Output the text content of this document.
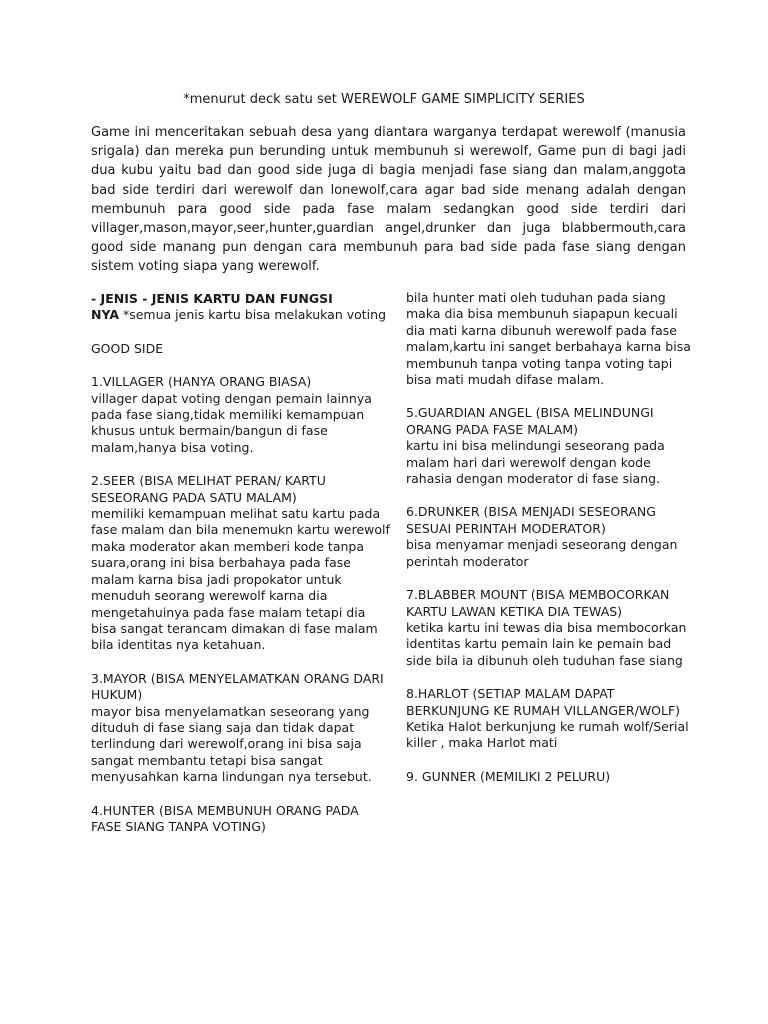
*menurut deck satu set WEREWOLF GAME SIMPLICITY SERIES
Game ini menceritakan sebuah desa yang diantara warganya terdapat werewolf (manusia srigala) dan mereka pun berunding untuk membunuh si werewolf, Game pun di bagi jadi dua kubu yaitu bad dan good side juga di bagia menjadi fase siang dan malam,anggota bad side terdiri dari werewolf dan lonewolf,cara agar bad side menang adalah dengan membunuh para good side pada fase malam sedangkan good side terdiri dari villager,mason,mayor,seer,hunter,guardian angel,drunker dan juga blabbermouth,cara good side manang pun dengan cara membunuh para bad side pada fase siang dengan sistem voting siapa yang werewolf.

- JENIS - JENIS KARTU DAN FUNGSI
NYA *semua jenis kartu bisa melakukan voting

GOOD SIDE

1.VILLAGER (HANYA ORANG BIASA)

villager dapat voting dengan pemain lainnya pada fase siang,tidak memiliki kemampuan khusus untuk bermain/bangun di fase malam,hanya bisa voting.

2.SEER (BISA MELIHAT PERAN/ KARTU SESEORANG PADA SATU MALAM)

memiliki kemampuan melihat satu kartu pada fase malam dan bila menemukn kartu werewolf maka moderator akan memberi kode tanpa suara,orang ini bisa berbahaya pada fase malam karna bisa jadi propokator untuk menuduh seorang werewolf karna dia mengetahuinya pada fase malam tetapi dia bisa sangat terancam dimakan di fase malam bila identitas nya ketahuan.

3.MAYOR (BISA MENYELAMATKAN ORANG DARI HUKUM)

mayor bisa menyelamatkan seseorang yang dituduh di fase siang saja dan tidak dapat terlindung dari werewolf,orang ini bisa saja sangat membantu tetapi bisa sangat menyusahkan karna lindungan nya tersebut.

4.HUNTER (BISA MEMBUNUH ORANG PADA FASE SIANG TANPA VOTING)

bila hunter mati oleh tuduhan pada siang maka dia bisa membunuh siapapun kecuali dia mati karna dibunuh werewolf pada fase malam,kartu ini sanget berbahaya karna bisa membunuh tanpa voting tanpa voting tapi bisa mati mudah difase malam.

5.GUARDIAN ANGEL (BISA MELINDUNGI ORANG PADA FASE MALAM)

kartu ini bisa melindungi seseorang pada malam hari dari werewolf dengan kode rahasia dengan moderator di fase siang.

6.DRUNKER (BISA MENJADI SESEORANG SESUAI PERINTAH MODERATOR)

bisa menyamar menjadi seseorang dengan perintah moderator

7.BLABBER MOUNT (BISA MEMBOCORKAN KARTU LAWAN KETIKA DIA TEWAS)

ketika kartu ini tewas dia bisa membocorkan identitas kartu pemain lain ke pemain bad side bila ia dibunuh oleh tuduhan fase siang

8.HARLOT (SETIAP MALAM DAPAT BERKUNJUNG KE RUMAH VILLANGER/WOLF)

Ketika Halot berkunjung ke rumah wolf/Serial killer , maka Harlot mati

9. GUNNER (MEMILIKI 2 PELURU)
